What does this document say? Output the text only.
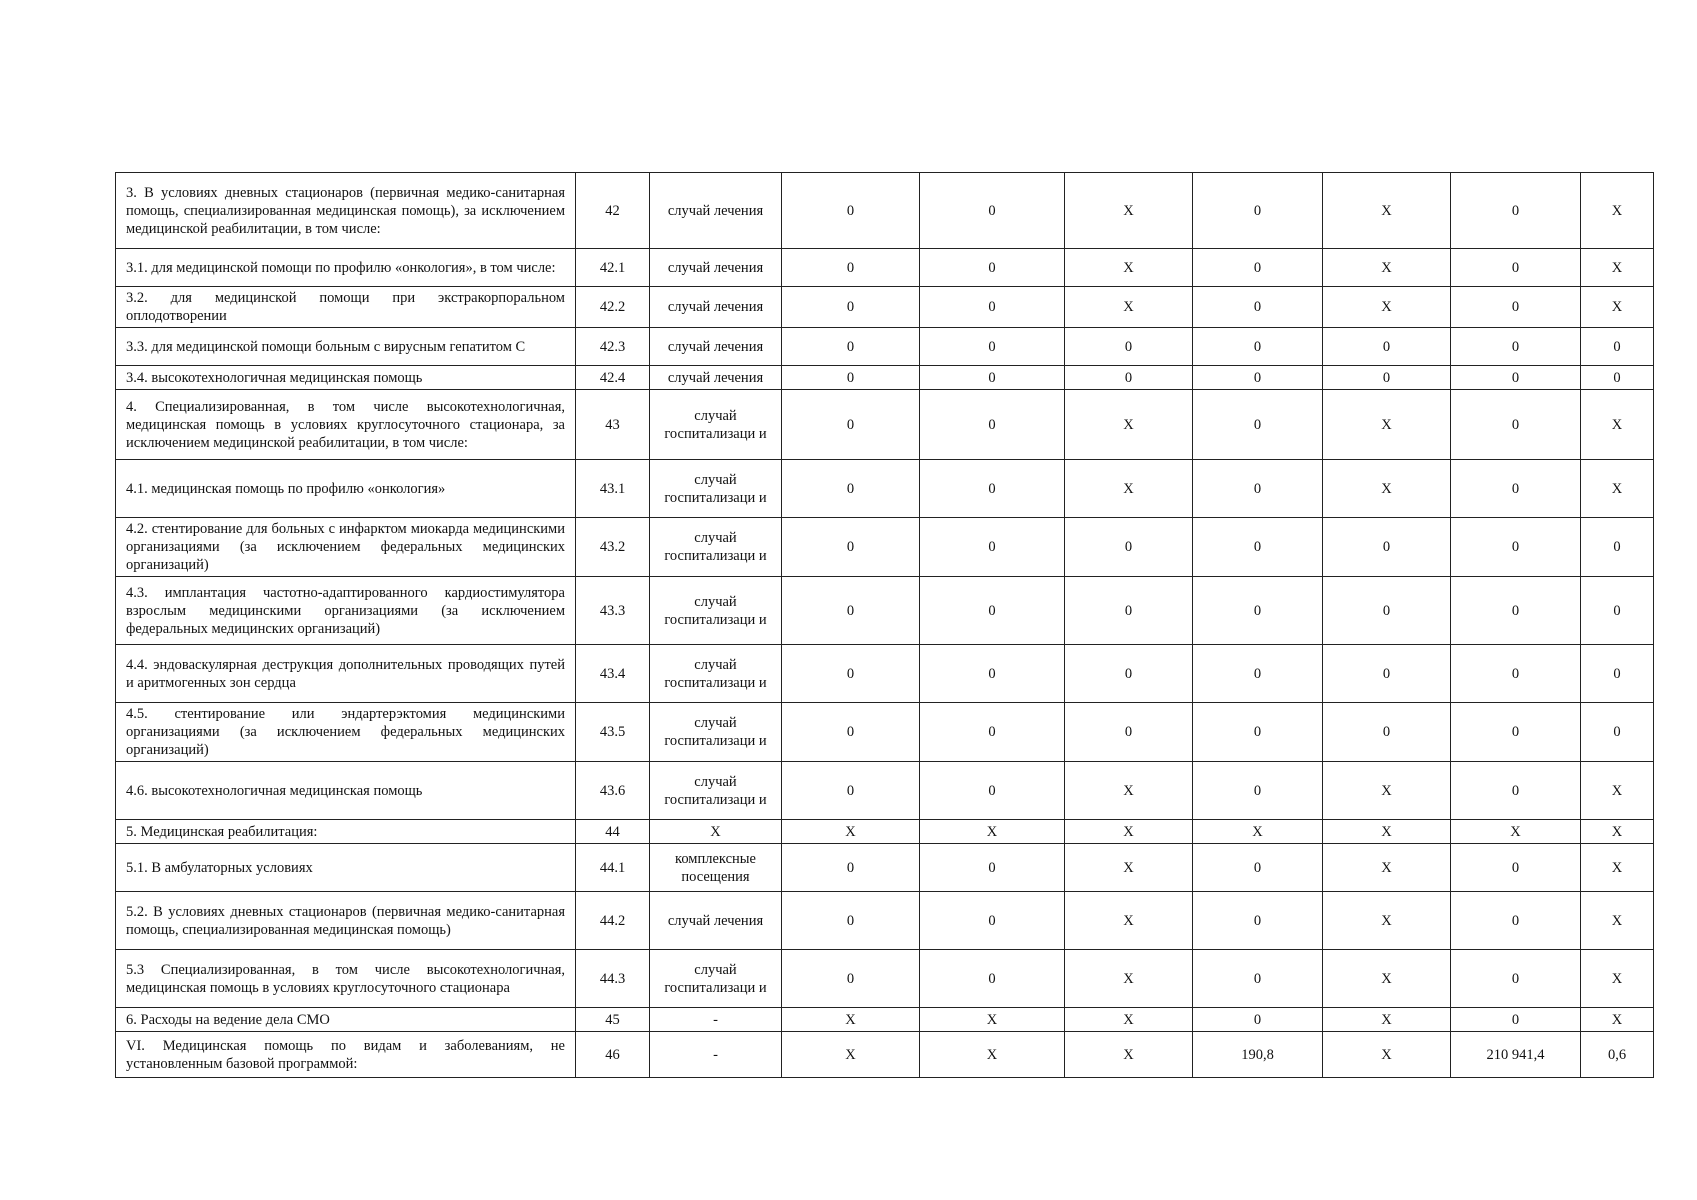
3. В условиях дневных стационаров (первичная медико-санитарная помощь, специализированная медицинская помощь), за исключением медицинской реабилитации, в том числе:	42	случай лечения	0	0	X	0	X	0	X
3.1. для медицинской помощи по профилю «онкология», в том числе:	42.1	случай лечения	0	0	X	0	X	0	X
3.2. для медицинской помощи при экстракорпоральном оплодотворении	42.2	случай лечения	0	0	X	0	X	0	X
3.3. для медицинской помощи больным с вирусным гепатитом С	42.3	случай лечения	0	0	0	0	0	0	0
3.4. высокотехнологичная медицинская помощь	42.4	случай лечения	0	0	0	0	0	0	0
4. Специализированная, в том числе высокотехнологичная, медицинская помощь в условиях круглосуточного стационара, за исключением медицинской реабилитации, в том числе:	43	случай госпитализаци и	0	0	X	0	X	0	X
4.1. медицинская помощь по профилю «онкология»	43.1	случай госпитализаци и	0	0	X	0	X	0	X
4.2. стентирование для больных с инфарктом миокарда медицинскими организациями (за исключением федеральных медицинских организаций)	43.2	случай госпитализаци и	0	0	0	0	0	0	0
4.3. имплантация частотно-адаптированного кардиостимулятора взрослым медицинскими организациями (за исключением федеральных медицинских организаций)	43.3	случай госпитализаци и	0	0	0	0	0	0	0
4.4. эндоваскулярная деструкция дополнительных проводящих путей и аритмогенных зон сердца	43.4	случай госпитализаци и	0	0	0	0	0	0	0
4.5. стентирование или эндартерэктомия медицинскими организациями (за исключением федеральных медицинских организаций)	43.5	случай госпитализаци и	0	0	0	0	0	0	0
4.6. высокотехнологичная медицинская помощь	43.6	случай госпитализаци и	0	0	X	0	X	0	X
5. Медицинская реабилитация:	44	X	X	X	X	X	X	X	X
5.1. В амбулаторных условиях	44.1	комплексные посещения	0	0	X	0	X	0	X
5.2. В условиях дневных стационаров (первичная медико-санитарная помощь, специализированная медицинская помощь)	44.2	случай лечения	0	0	X	0	X	0	X
5.3 Специализированная, в том числе высокотехнологичная, медицинская помощь в условиях круглосуточного стационара	44.3	случай госпитализаци и	0	0	X	0	X	0	X
6. Расходы на ведение дела СМО	45	-	X	X	X	0	X	0	X
VI. Медицинская помощь по видам и заболеваниям, не установленным базовой программой:	46	-	X	X	X	190,8	X	210 941,4	0,6
